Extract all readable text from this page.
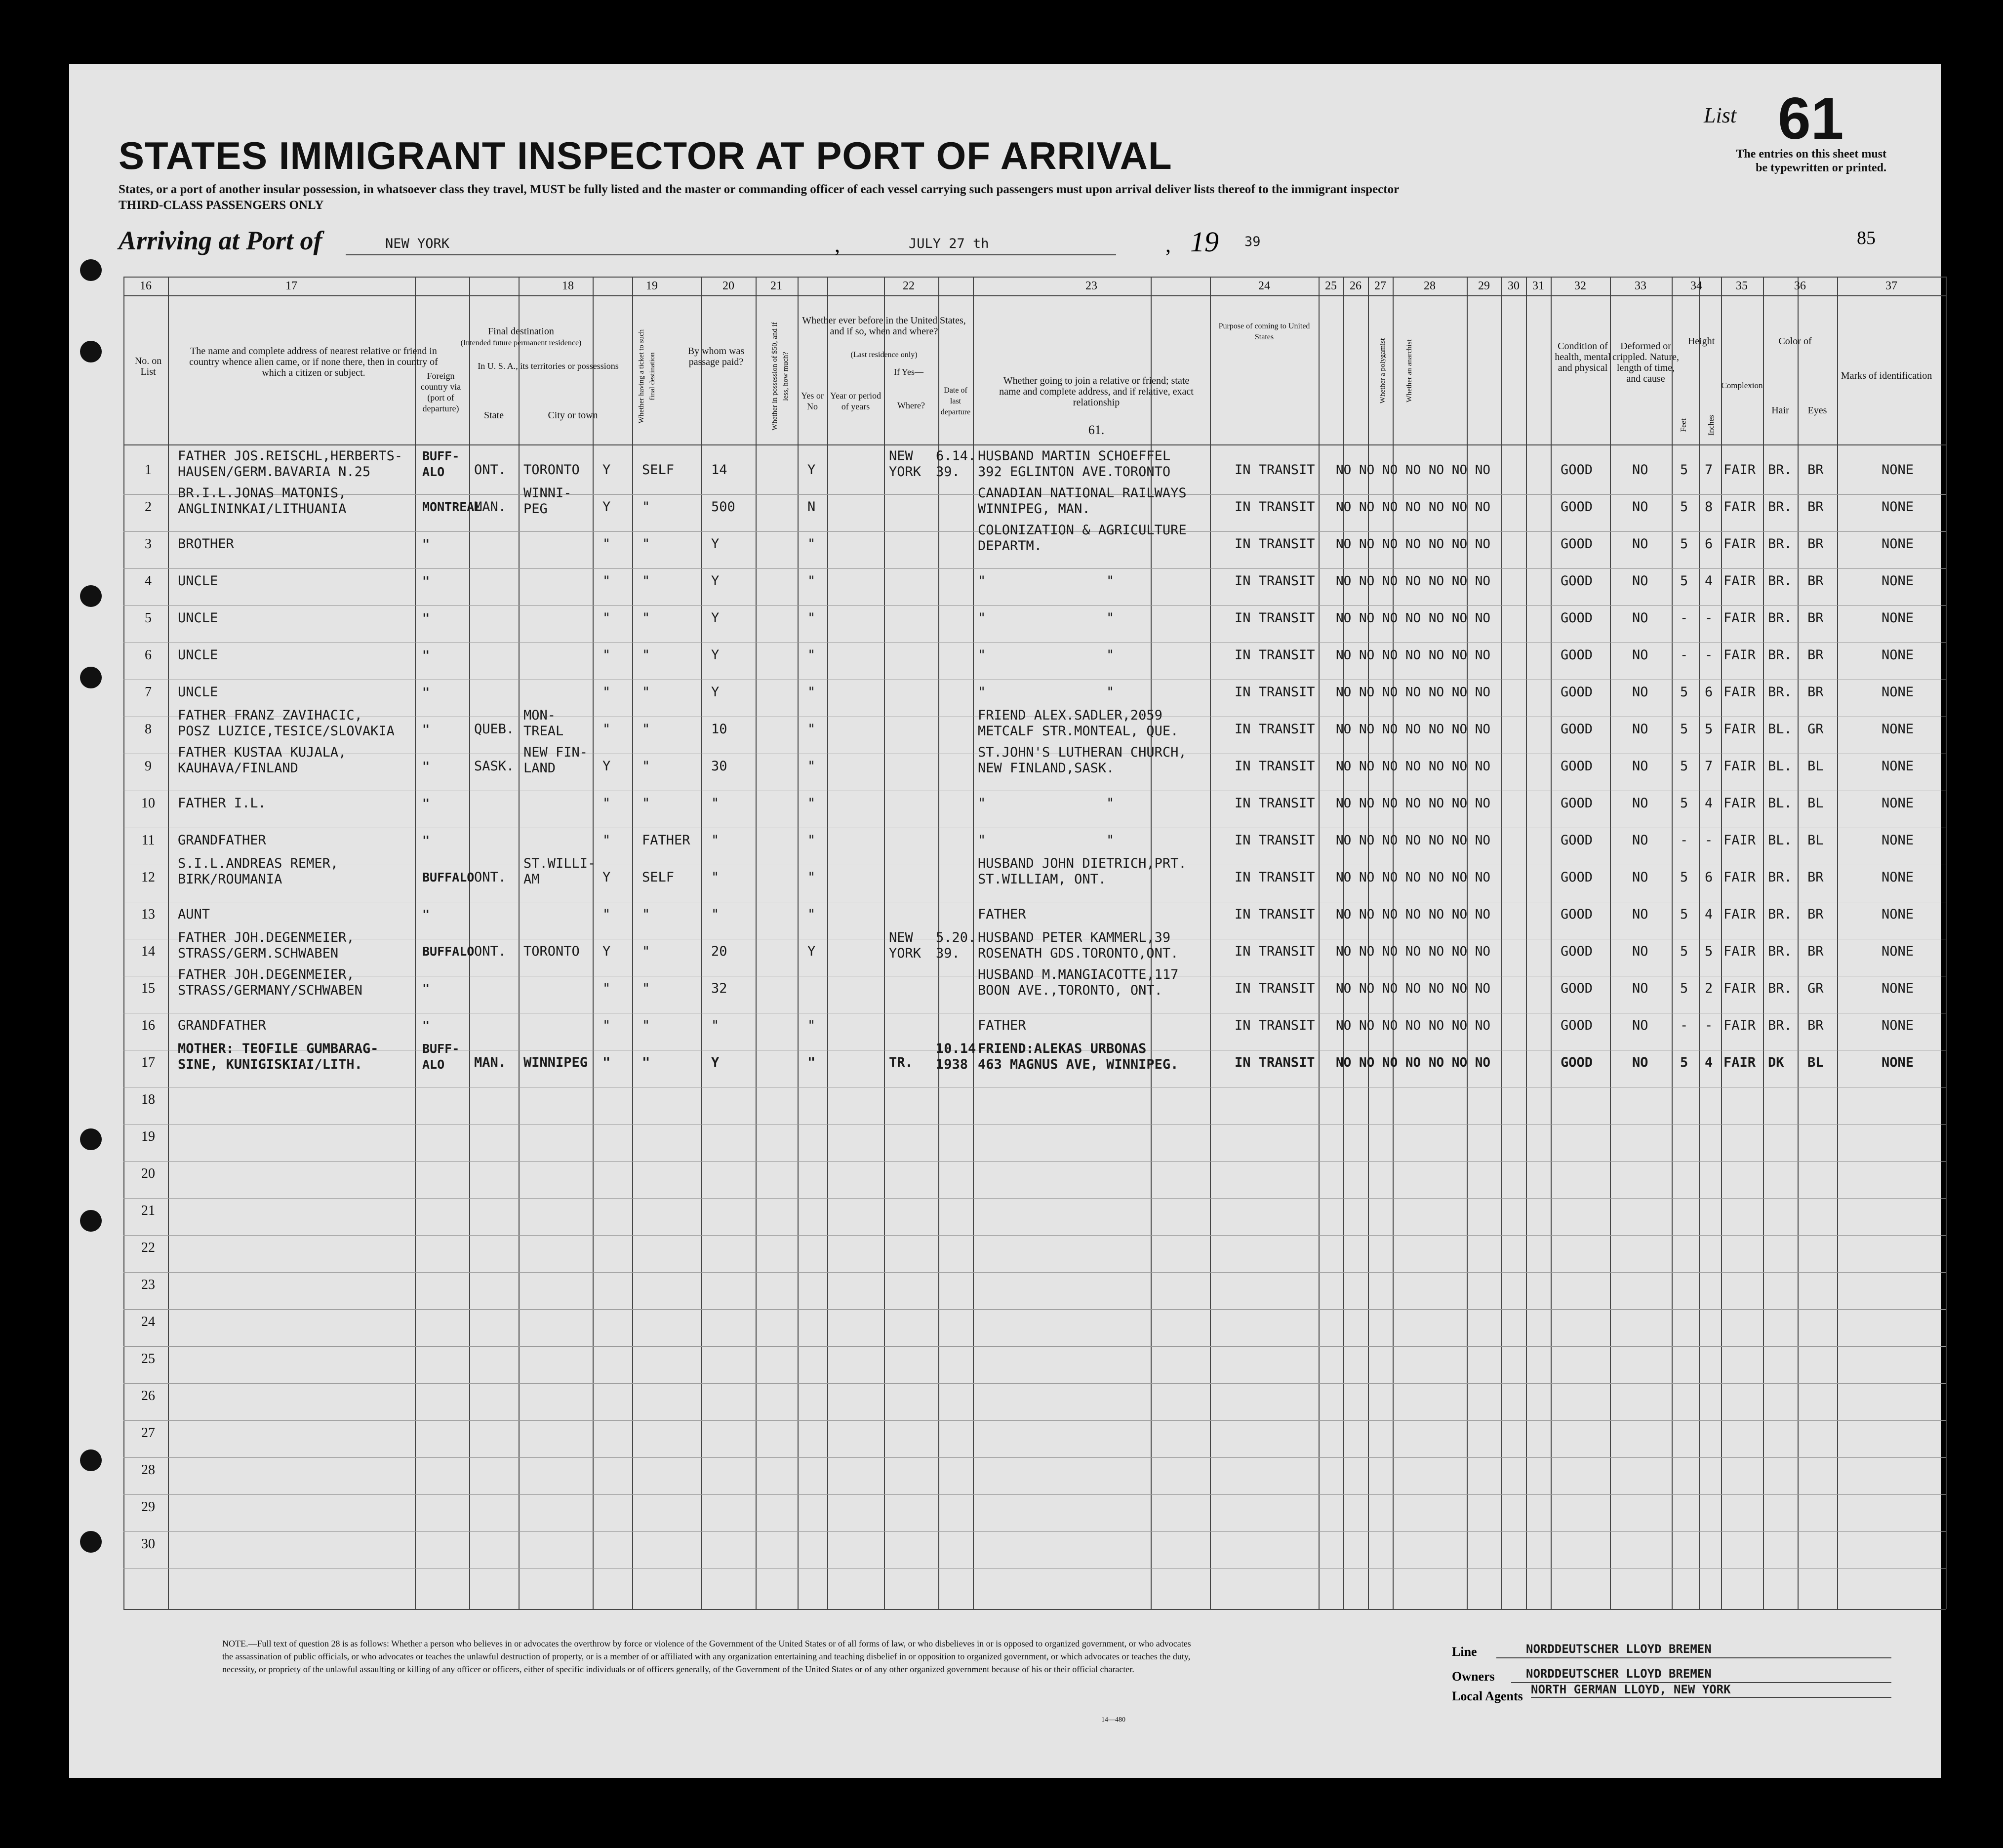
STATES IMMIGRANT INSPECTOR AT PORT OF ARRIVAL
States, or a port of another insular possession, in whatsoever class they travel, MUST be fully listed and the master or commanding officer of each vessel carrying such passengers must upon arrival deliver lists thereof to the immigrant inspector
THIRD-CLASS PASSENGERS ONLY
List 61
The entries on this sheet must
be typewritten or printed.
Arriving at Port of	NEW YORK	,	JULY 27 th	, 19 39	85
16	17	18	19	20	21	22	23	24	25	26	27	28	29	30	31	32	33	34	35	36	37
No. on List
The name and complete address of nearest relative or friend in country whence alien came, or if none there, then in country of which a citizen or subject.
Final destination
(Intended future permanent residence)
Foreign country via (port of departure)
In U. S. A., its territories or possessions
State	City or town
By whom was passage paid?
Whether ever before in the United States, and if so, when and where?
(Last residence only)
Yes or No
If Yes—
Year or period of years	Where?
Date of last departure
Whether going to join a relative or friend; state name and complete address, and if relative, exact relationship
61.
Purpose of coming to United States
Condition of health, mental and physical
Deformed or crippled. Nature, length of time, and cause
Height
Feet Inches
Complexion
Color of—
Hair	Eyes
Marks of identification
Whether having a ticket to such final destination	Whether in possession of $50, and if less, how much?	Whether a polygamist	Whether an anarchist
1
FATHER JOS.REISCHL,HERBERTS-
HAUSEN/GERM.BAVARIA N.25
BUFF-
ALO	ONT. TORONTO Y SELF	14	Y
NEW
YORK
6.14.
39.
HUSBAND MARTIN SCHOEFFEL
392 EGLINTON AVE.TORONTO	IN TRANSIT NO NO NO NO NO NO NO	GOOD	NO 5 7 FAIR BR. BR	NONE
2
BR.I.L.JONAS MATONIS,
ANGLININKAI/LITHUANIA	MONTREAL
MAN.
WINNI-
PEG	Y "	500	N
CANADIAN NATIONAL RAILWAYS
WINNIPEG, MAN.	IN TRANSIT NO NO NO NO NO NO NO	GOOD	NO 5 8 FAIR BR. BR	NONE
3	BROTHER	"	" "	Y	"
COLONIZATION & AGRICULTURE
DEPARTM.	IN TRANSIT NO NO NO NO NO NO NO	GOOD	NO 5 6 FAIR BR. BR	NONE
4	UNCLE	"	" "	Y	"	"               "	IN TRANSIT NO NO NO NO NO NO NO	GOOD	NO 5 4 FAIR BR. BR	NONE
5	UNCLE	"	" "	Y	"	"               "	IN TRANSIT NO NO NO NO NO NO NO	GOOD	NO - - FAIR BR. BR	NONE
6	UNCLE	"	" "	Y	"	"               "	IN TRANSIT NO NO NO NO NO NO NO	GOOD	NO - - FAIR BR. BR	NONE
7	UNCLE	"	" "	Y	"	"               "	IN TRANSIT NO NO NO NO NO NO NO	GOOD	NO 5 6 FAIR BR. BR	NONE
8
FATHER FRANZ ZAVIHACIC,
POSZ LUZICE,TESICE/SLOVAKIA "	QUEB.
MON-
TREAL	" "	10	"
FRIEND ALEX.SADLER,2059
METCALF STR.MONTEAL, QUE.	IN TRANSIT NO NO NO NO NO NO NO	GOOD	NO 5 5 FAIR BL. GR	NONE
9
FATHER KUSTAA KUJALA,
KAUHAVA/FINLAND	"	SASK.
NEW FIN-
LAND	Y "	30	"
ST.JOHN'S LUTHERAN CHURCH,
NEW FINLAND,SASK.	IN TRANSIT NO NO NO NO NO NO NO	GOOD	NO 5 7 FAIR BL. BL	NONE
10	FATHER I.L.	"	" "	"	"	"               "	IN TRANSIT NO NO NO NO NO NO NO	GOOD	NO 5 4 FAIR BL. BL	NONE
11	GRANDFATHER	"	" FATHER "	"	"               "	IN TRANSIT NO NO NO NO NO NO NO	GOOD	NO - - FAIR BL. BL	NONE
12
S.I.L.ANDREAS REMER,
BIRK/ROUMANIA	BUFFALO ONT.
ST.WILLI-
AM	Y SELF	"	"
HUSBAND JOHN DIETRICH,PRT.
ST.WILLIAM, ONT.	IN TRANSIT NO NO NO NO NO NO NO	GOOD	NO 5 6 FAIR BR. BR	NONE
13	AUNT	"	" "	"	"	FATHER	IN TRANSIT NO NO NO NO NO NO NO	GOOD	NO 5 4 FAIR BR. BR	NONE
14
FATHER JOH.DEGENMEIER,
STRASS/GERM.SCHWABEN	BUFFALO ONT. TORONTO Y "	20	Y
NEW
YORK
5.20.
39.
HUSBAND PETER KAMMERL,39
ROSENATH GDS.TORONTO,ONT.	IN TRANSIT NO NO NO NO NO NO NO	GOOD	NO 5 5 FAIR BR. BR	NONE
15
FATHER JOH.DEGENMEIER,
STRASS/GERMANY/SCHWABEN	"	" "	32
HUSBAND M.MANGIACOTTE,117
BOON AVE.,TORONTO, ONT.	IN TRANSIT NO NO NO NO NO NO NO	GOOD	NO 5 2 FAIR BR. GR	NONE
16	GRANDFATHER	"	" "	"	"	FATHER	IN TRANSIT NO NO NO NO NO NO NO	GOOD	NO - - FAIR BR. BR	NONE
17
MOTHER: TEOFILE GUMBARAG-
SINE, KUNIGISKIAI/LITH.
BUFF-
ALO	MAN. WINNIPEG " "	Y	"	TR.
10.14
1938
FRIEND:ALEKAS URBONAS
463 MAGNUS AVE, WINNIPEG.	IN TRANSIT NO NO NO NO NO NO NO	GOOD	NO 5 4 FAIR DK BL	NONE
18
19
20
21
22
23
24
25
26
27
28
29
30
NOTE.—Full text of question 28 is as follows: Whether a person who believes in or advocates the overthrow by force or violence of the Government of the United States or of all forms of law, or who disbelieves in or is opposed to organized government, or who advocates the assassination of public officials, or who advocates or teaches the unlawful destruction of property, or is a member of or affiliated with any organization entertaining and teaching disbelief in or opposition to organized government, or which advocates or teaches the duty, necessity, or propriety of the unlawful assaulting or killing of any officer or officers, either of specific individuals or of officers generally, of the Government of the United States or of any other organized government because of his or their official character.
14—480
Line	NORDDEUTSCHER LLOYD BREMEN
Owners	NORDDEUTSCHER LLOYD BREMEN
Local Agents NORTH GERMAN LLOYD, NEW YORK
